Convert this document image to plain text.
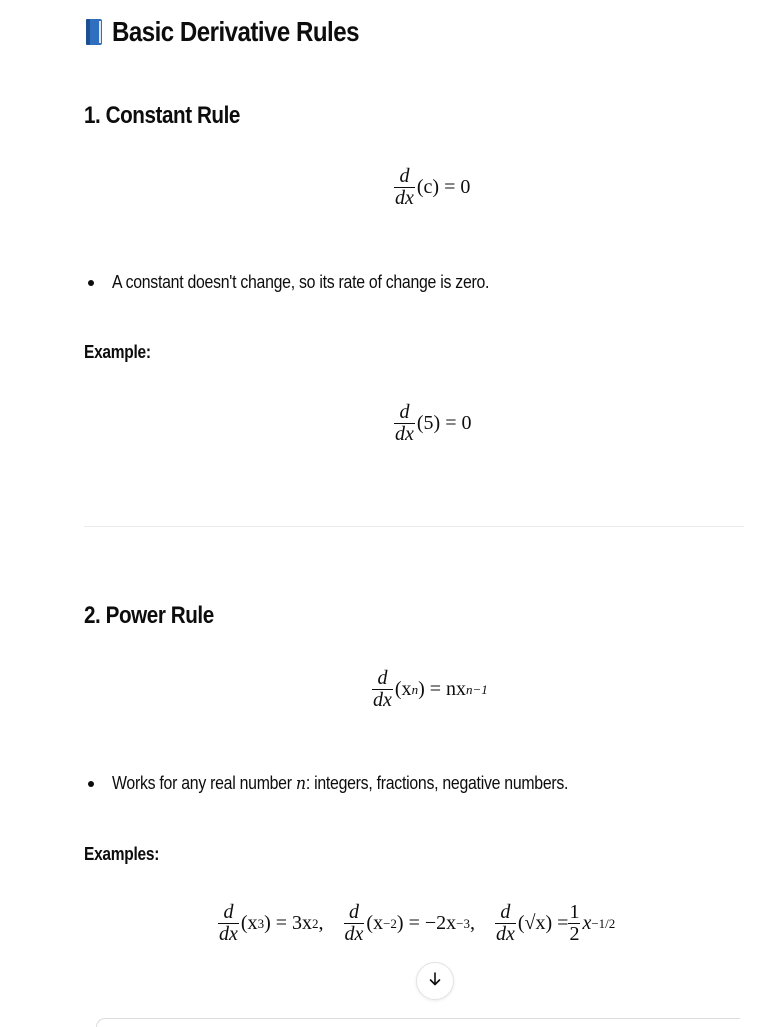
Basic Derivative Rules
1. Constant Rule
$\frac{d}{dx} (c) = 0$
A constant doesn't change, so its rate of change is zero.
Example:
$\frac{d}{dx} (5) = 0$
2. Power Rule
$\frac{d}{dx} (x$ n ) = nx n−1
Works for any real number n: integers, fractions, negative numbers.
Examples:
$\frac{d}{dx} (x$ 3 ) = 3x 2 , $\frac{d}{dx} (x -2$ ) = −2x −3 , $\frac{d}{dx} (√x) = \frac{1}{2}$ x −1/2
